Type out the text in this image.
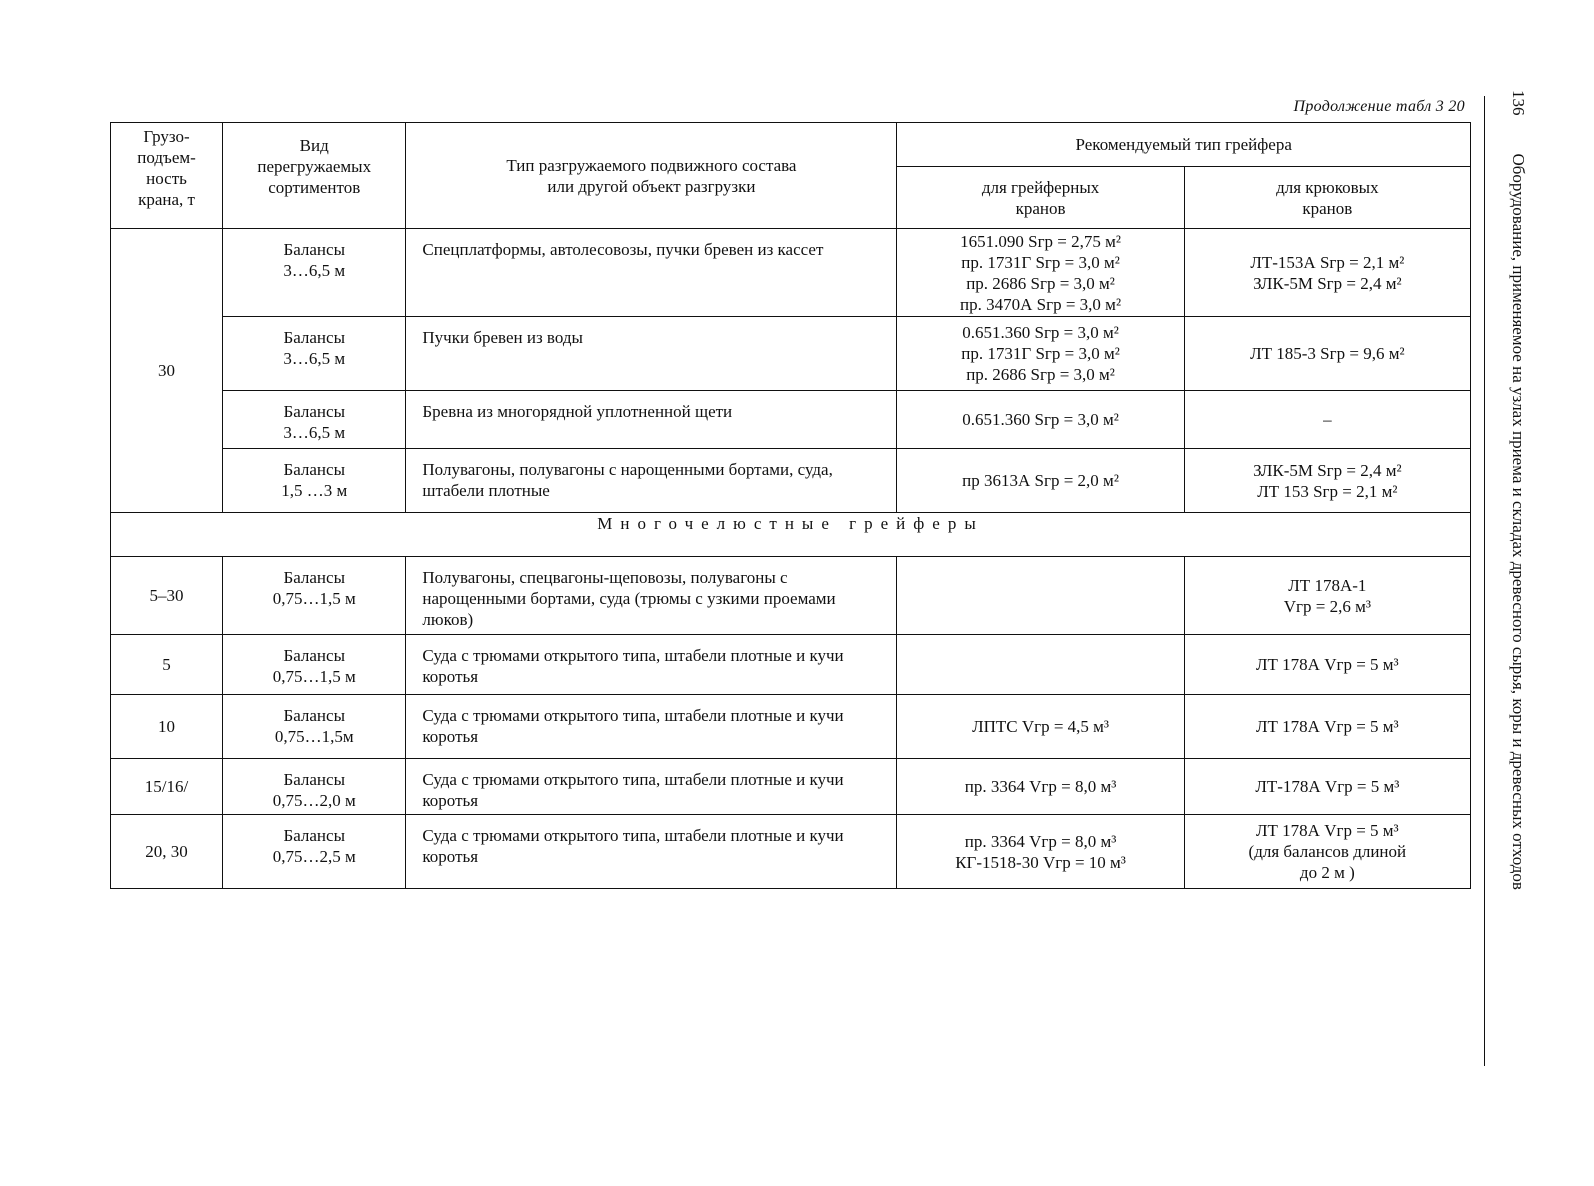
Продолжение табл 3 20	136Оборудование, применяемое на узлах приема и складах древесного сырья, коры и древесных отходов
Грузо-
подъем-
ность
крана, т	Вид
перегружаемых
сортиментов	Тип разгружаемого подвижного состава
или другой объект разгрузки	Рекомендуемый тип грейфера	

			для грейферных
кранов	для крюковых
кранов

30	Балансы
3…6,5 м	Спецплатформы, автолесовозы, пучки бревен из кассет	1651.090 Sгр = 2,75 м²
пр. 1731Г Sгр = 3,0 м²
пр. 2686 Sгр = 3,0 м²
пр. 3470А Sгр = 3,0 м²	ЛТ-153А Sгр = 2,1 м²
ЗЛК-5М Sгр = 2,4 м²

	Балансы
3…6,5 м	Пучки бревен из воды	0.651.360 Sгр = 3,0 м²
пр. 1731Г Sгр = 3,0 м²
пр. 2686 Sгр = 3,0 м²	ЛТ 185-3 Sгр = 9,6 м²

	Балансы
3…6,5 м	Бревна из многорядной уплотненной щети	0.651.360 Sгр = 3,0 м²	–

	Балансы
1,5 …3 м	Полувагоны, полувагоны с нарощенными бортами, суда, штабели плотные	пр 3613А Sгр = 2,0 м²	ЗЛК-5М Sгр = 2,4 м²
ЛТ 153 Sгр = 2,1 м²

Многочелюстные грейферы				
5–30	Балансы
0,75…1,5 м	Полувагоны, спецвагоны-щеповозы, полувагоны с нарощенными бортами, суда (трюмы с узкими проемами люков)		ЛТ 178А-1
Vгр = 2,6 м³

5	Балансы
0,75…1,5 м	Суда с трюмами открытого типа, штабели плотные и кучи коротья		ЛТ 178А Vгр = 5 м³

10	Балансы
0,75…1,5м	Суда с трюмами открытого типа, штабели плотные и кучи коротья	ЛПТС Vгр = 4,5 м³	ЛТ 178А Vгр = 5 м³

15/16/	Балансы
0,75…2,0 м	Суда с трюмами открытого типа, штабели плотные и кучи коротья	пр. 3364 Vгр = 8,0 м³	ЛТ-178А Vгр = 5 м³

20, 30	Балансы
0,75…2,5 м	Суда с трюмами открытого типа, штабели плотные и кучи коротья	пр. 3364 Vгр = 8,0 м³
КГ-1518-30 Vгр = 10 м³	ЛТ 178А Vгр = 5 м³
(для балансов длиной
до 2 м )
